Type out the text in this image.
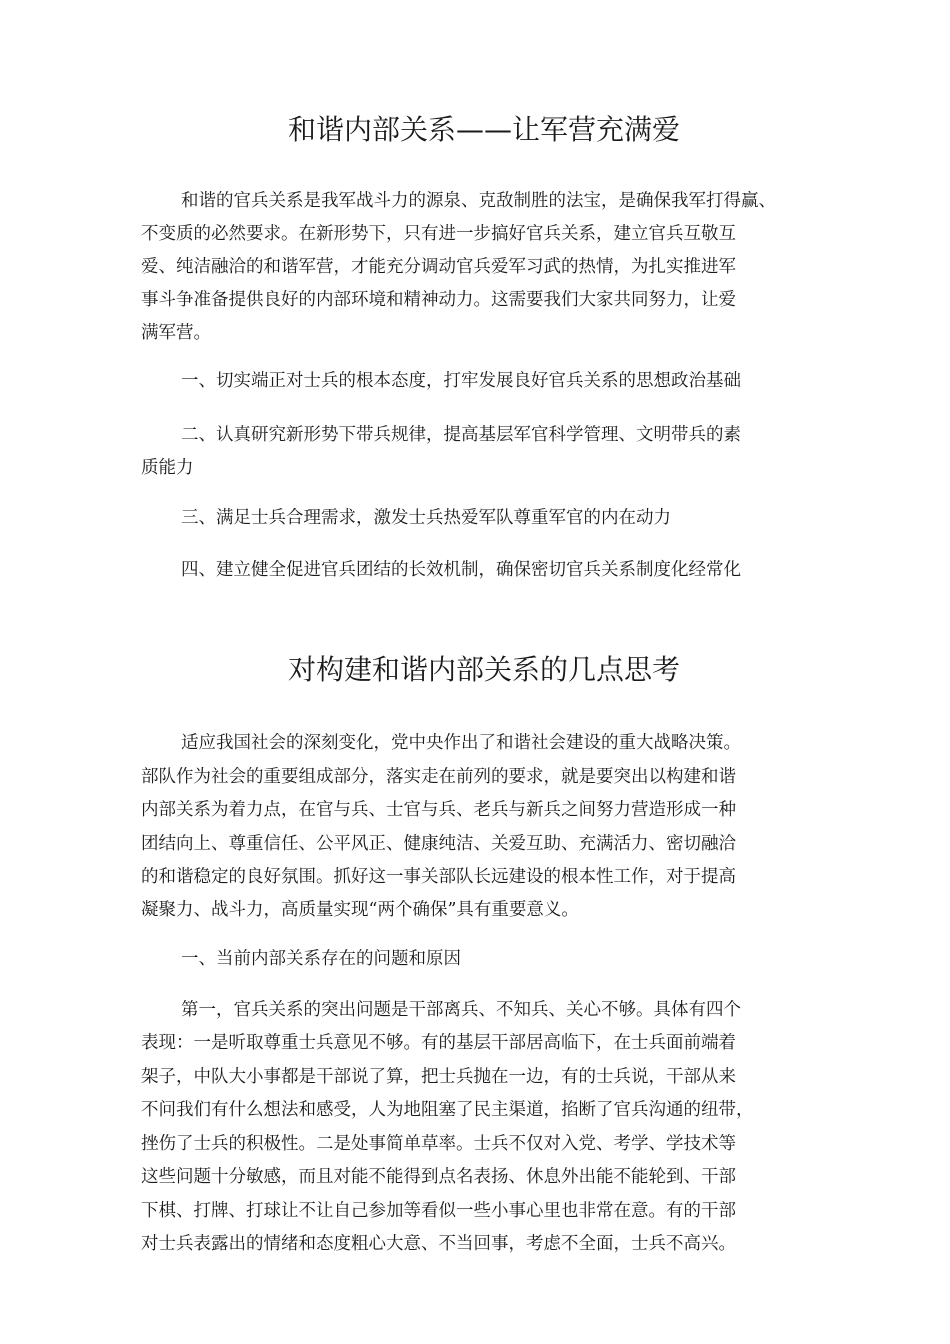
和谐内部关系——让军营充满爱

和谐的官兵关系是我军战斗力的源泉、克敌制胜的法宝，是确保我军打得赢、

不变质的必然要求。在新形势下，只有进一步搞好官兵关系，建立官兵互敬互

爱、纯洁融洽的和谐军营，才能充分调动官兵爱军习武的热情，为扎实推进军

事斗争准备提供良好的内部环境和精神动力。这需要我们大家共同努力，让爱

满军营。

一、切实端正对士兵的根本态度，打牢发展良好官兵关系的思想政治基础

二、认真研究新形势下带兵规律，提高基层军官科学管理、文明带兵的素

质能力

三、满足士兵合理需求，激发士兵热爱军队尊重军官的内在动力

四、建立健全促进官兵团结的长效机制，确保密切官兵关系制度化经常化

对构建和谐内部关系的几点思考

适应我国社会的深刻变化，党中央作出了和谐社会建设的重大战略决策。

部队作为社会的重要组成部分，落实走在前列的要求，就是要突出以构建和谐

内部关系为着力点，在官与兵、士官与兵、老兵与新兵之间努力营造形成一种

团结向上、尊重信任、公平风正、健康纯洁、关爱互助、充满活力、密切融洽

的和谐稳定的良好氛围。抓好这一事关部队长远建设的根本性工作，对于提高

凝聚力、战斗力，高质量实现“两个确保”具有重要意义。

一、当前内部关系存在的问题和原因

第一，官兵关系的突出问题是干部离兵、不知兵、关心不够。具体有四个

表现：一是听取尊重士兵意见不够。有的基层干部居高临下，在士兵面前端着

架子，中队大小事都是干部说了算，把士兵抛在一边，有的士兵说，干部从来

不问我们有什么想法和感受，人为地阻塞了民主渠道，掐断了官兵沟通的纽带，

挫伤了士兵的积极性。二是处事简单草率。士兵不仅对入党、考学、学技术等

这些问题十分敏感，而且对能不能得到点名表扬、休息外出能不能轮到、干部

下棋、打牌、打球让不让自己参加等看似一些小事心里也非常在意。有的干部

对士兵表露出的情绪和态度粗心大意、不当回事，考虑不全面，士兵不高兴。
